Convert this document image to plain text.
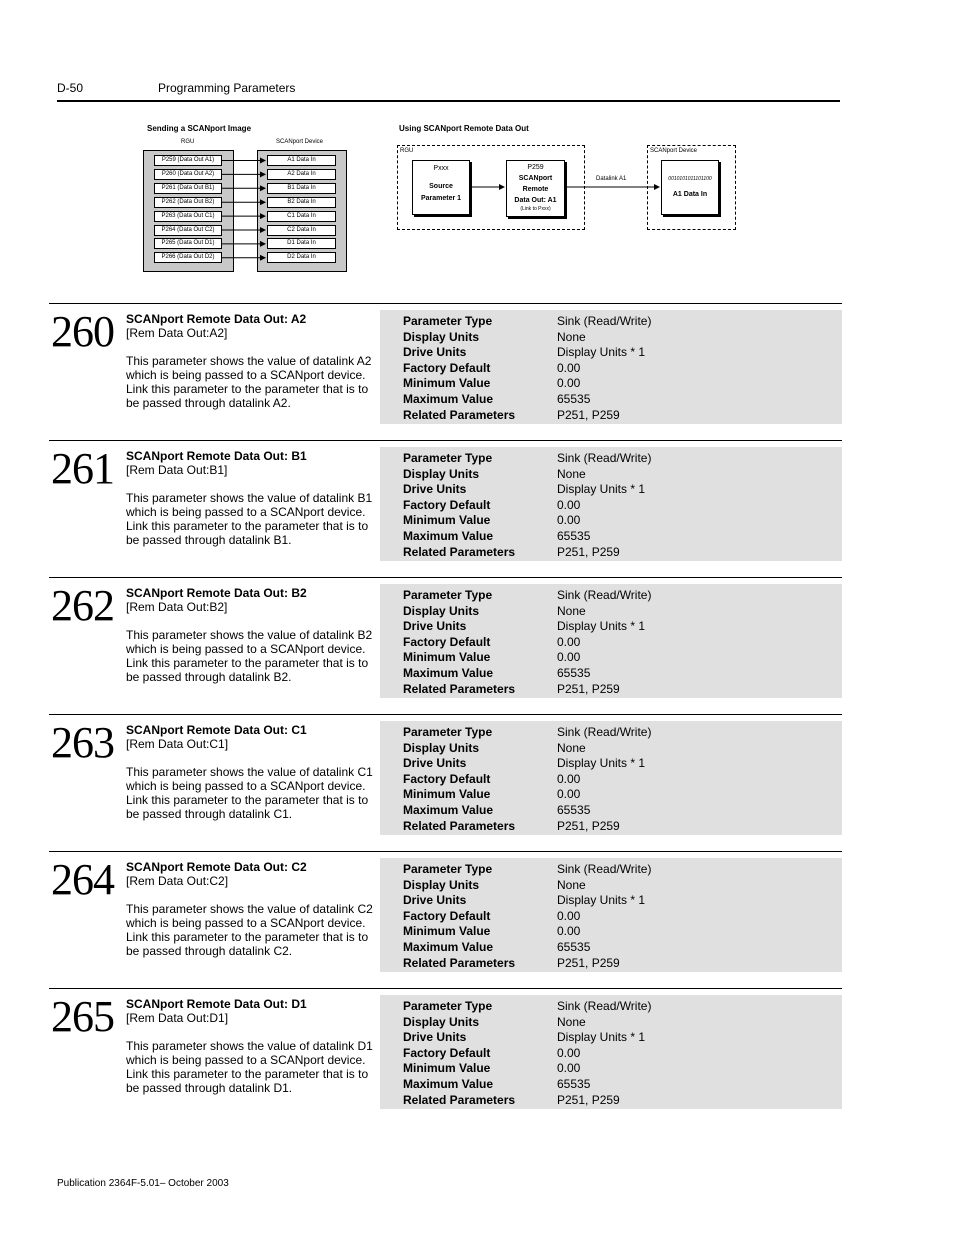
D-50	Programming Parameters
Sending a SCANport Image
RGU	SCANport Device
P259 (Data Out A1)	A1 Data In
P260 (Data Out A2)	A2 Data In
P261 (Data Out B1)	B1 Data In
P262 (Data Out B2)	B2 Data In
P263 (Data Out C1)	C1 Data In
P264 (Data Out C2)	C2 Data In
P265 (Data Out D1)	D1 Data In
P266 (Data Out D2)	D2 Data In
Using SCANport Remote Data Out
RGU	SCANport Device
Pxxx
Source
Parameter 1
P259
SCANport
Remote
Data Out: A1
(Link to Pxxx)
Datalink A1	0010101011101100
A1 Data In
260 SCANport Remote Data Out: A2
[Rem Data Out:A2]
This parameter shows the value of datalink A2 which is being passed to a SCANport device. Link this parameter to the parameter that is to be passed through datalink A2.
Parameter Type	Sink (Read/Write)
Display Units	None
Drive Units	Display Units * 1
Factory Default	0.00
Minimum Value	0.00
Maximum Value	65535
Related Parameters	P251, P259
261 SCANport Remote Data Out: B1
[Rem Data Out:B1]
This parameter shows the value of datalink B1 which is being passed to a SCANport device. Link this parameter to the parameter that is to be passed through datalink B1.
Parameter Type	Sink (Read/Write)
Display Units	None
Drive Units	Display Units * 1
Factory Default	0.00
Minimum Value	0.00
Maximum Value	65535
Related Parameters	P251, P259
262 SCANport Remote Data Out: B2
[Rem Data Out:B2]
This parameter shows the value of datalink B2 which is being passed to a SCANport device. Link this parameter to the parameter that is to be passed through datalink B2.
Parameter Type	Sink (Read/Write)
Display Units	None
Drive Units	Display Units * 1
Factory Default	0.00
Minimum Value	0.00
Maximum Value	65535
Related Parameters	P251, P259
263 SCANport Remote Data Out: C1
[Rem Data Out:C1]
This parameter shows the value of datalink C1 which is being passed to a SCANport device. Link this parameter to the parameter that is to be passed through datalink C1.
Parameter Type	Sink (Read/Write)
Display Units	None
Drive Units	Display Units * 1
Factory Default	0.00
Minimum Value	0.00
Maximum Value	65535
Related Parameters	P251, P259
264 SCANport Remote Data Out: C2
[Rem Data Out:C2]
This parameter shows the value of datalink C2 which is being passed to a SCANport device. Link this parameter to the parameter that is to be passed through datalink C2.
Parameter Type	Sink (Read/Write)
Display Units	None
Drive Units	Display Units * 1
Factory Default	0.00
Minimum Value	0.00
Maximum Value	65535
Related Parameters	P251, P259
265 SCANport Remote Data Out: D1
[Rem Data Out:D1]
This parameter shows the value of datalink D1 which is being passed to a SCANport device. Link this parameter to the parameter that is to be passed through datalink D1.
Parameter Type	Sink (Read/Write)
Display Units	None
Drive Units	Display Units * 1
Factory Default	0.00
Minimum Value	0.00
Maximum Value	65535
Related Parameters	P251, P259
Publication 2364F-5.01– October 2003
